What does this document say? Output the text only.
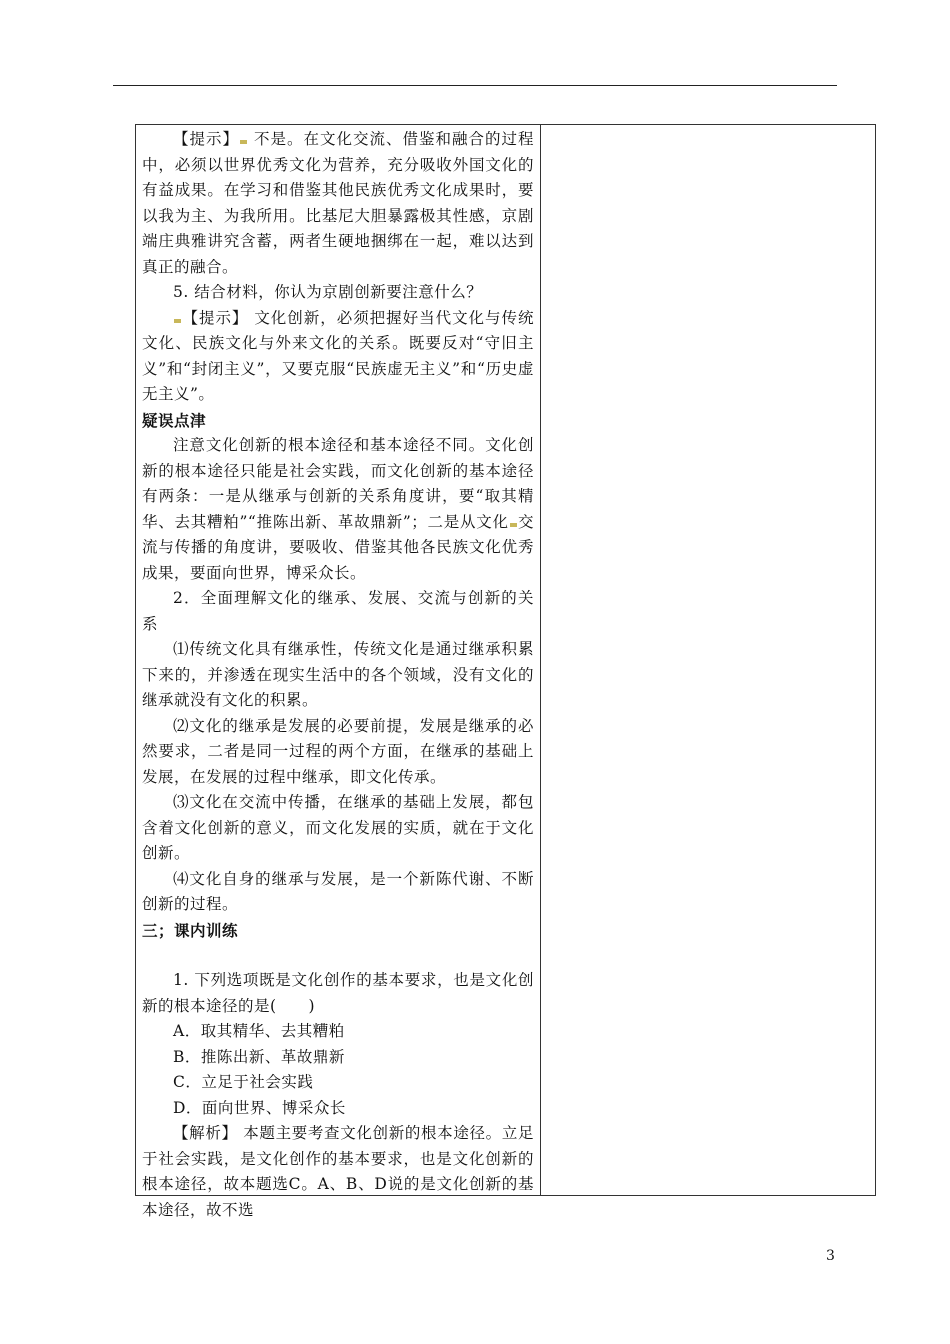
【提示】 不是。在文化交流、借鉴和融合的过程中，必须以世界优秀文化为营养，充分吸收外国文化的有益成果。在学习和借鉴其他民族优秀文化成果时，要以我为主、为我所用。比基尼大胆暴露极其性感，京剧端庄典雅讲究含蓄，两者生硬地捆绑在一起，难以达到真正的融合。

5. 结合材料，你认为京剧创新要注意什么？

【提示】 文化创新，必须把握好当代文化与传统文化、民族文化与外来文化的关系。既要反对“守旧主义”和“封闭主义”，又要克服“民族虚无主义”和“历史虚无主义”。

疑误点津

注意文化创新的根本途径和基本途径不同。文化创新的根本途径只能是社会实践，而文化创新的基本途径有两条：一是从继承与创新的关系角度讲，要“取其精华、去其糟粕”“推陈出新、革故鼎新”；二是从文化 交流与传播的角度讲，要吸收、借鉴其他各民族文化优秀成果，要面向世界，博采众长。

2．全面理解文化的继承、发展、交流与创新的关系

⑴传统文化具有继承性，传统文化是通过继承积累下来的，并渗透在现实生活中的各个领域，没有文化的继承就没有文化的积累。

⑵文化的继承是发展的必要前提，发展是继承的必然要求，二者是同一过程的两个方面，在继承的基础上发展，在发展的过程中继承，即文化传承。

⑶文化在交流中传播，在继承的基础上发展，都包含着文化创新的意义，而文化发展的实质，就在于文化创新。

⑷文化自身的继承与发展，是一个新陈代谢、不断创新的过程。

三；课内训练

1. 下列选项既是文化创作的基本要求，也是文化创新的根本途径的是(　　)

A．取其精华、去其糟粕

B．推陈出新、革故鼎新

C．立足于社会实践

D．面向世界、博采众长

【解析】 本题主要考查文化创新的根本途径。立足于社会实践，是文化创作的基本要求，也是文化创新的根本途径，故本题选C。A、B、D说的是文化创新的基本途径，故不选

3
